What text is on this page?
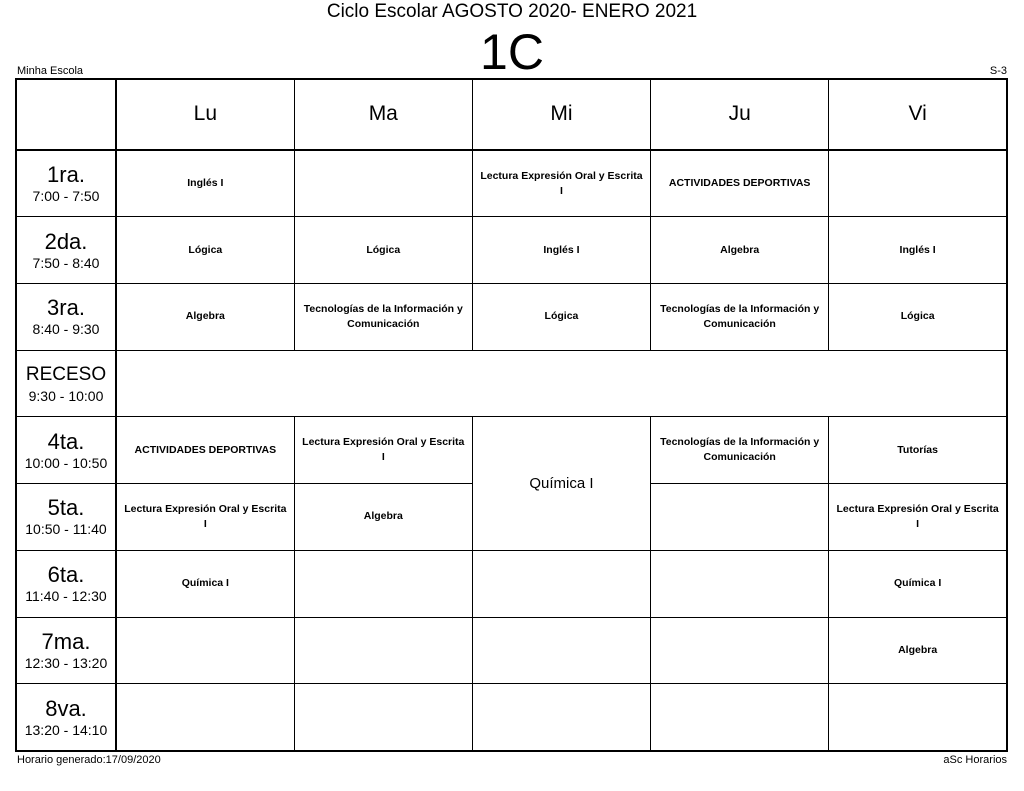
Ciclo Escolar AGOSTO 2020- ENERO 2021
1C
Minha Escola	S-3
	Lu	Ma	Mi	Ju	Vi

1ra.
7:00 - 7:50	Inglés I		Lectura Expresión Oral y Escrita I	ACTIVIDADES DEPORTIVAS	

2da.
7:50 - 8:40	Lógica	Lógica	Inglés I	Algebra	Inglés I

3ra.
8:40 - 9:30	Algebra	Tecnologías de la Información y Comunicación	Lógica	Tecnologías de la Información y Comunicación	Lógica

RECESO
9:30 - 10:00					

4ta.
10:00 - 10:50	ACTIVIDADES DEPORTIVAS	Lectura Expresión Oral y Escrita I	Química I	Tecnologías de la Información y Comunicación	Tutorías

5ta.
10:50 - 11:40	Lectura Expresión Oral y Escrita I	Algebra			Lectura Expresión Oral y Escrita I

6ta.
11:40 - 12:30	Química I				Química I

7ma.
12:30 - 13:20					Algebra

8va.
13:20 - 14:10					

Horario generado:17/09/2020	aSc Horarios
